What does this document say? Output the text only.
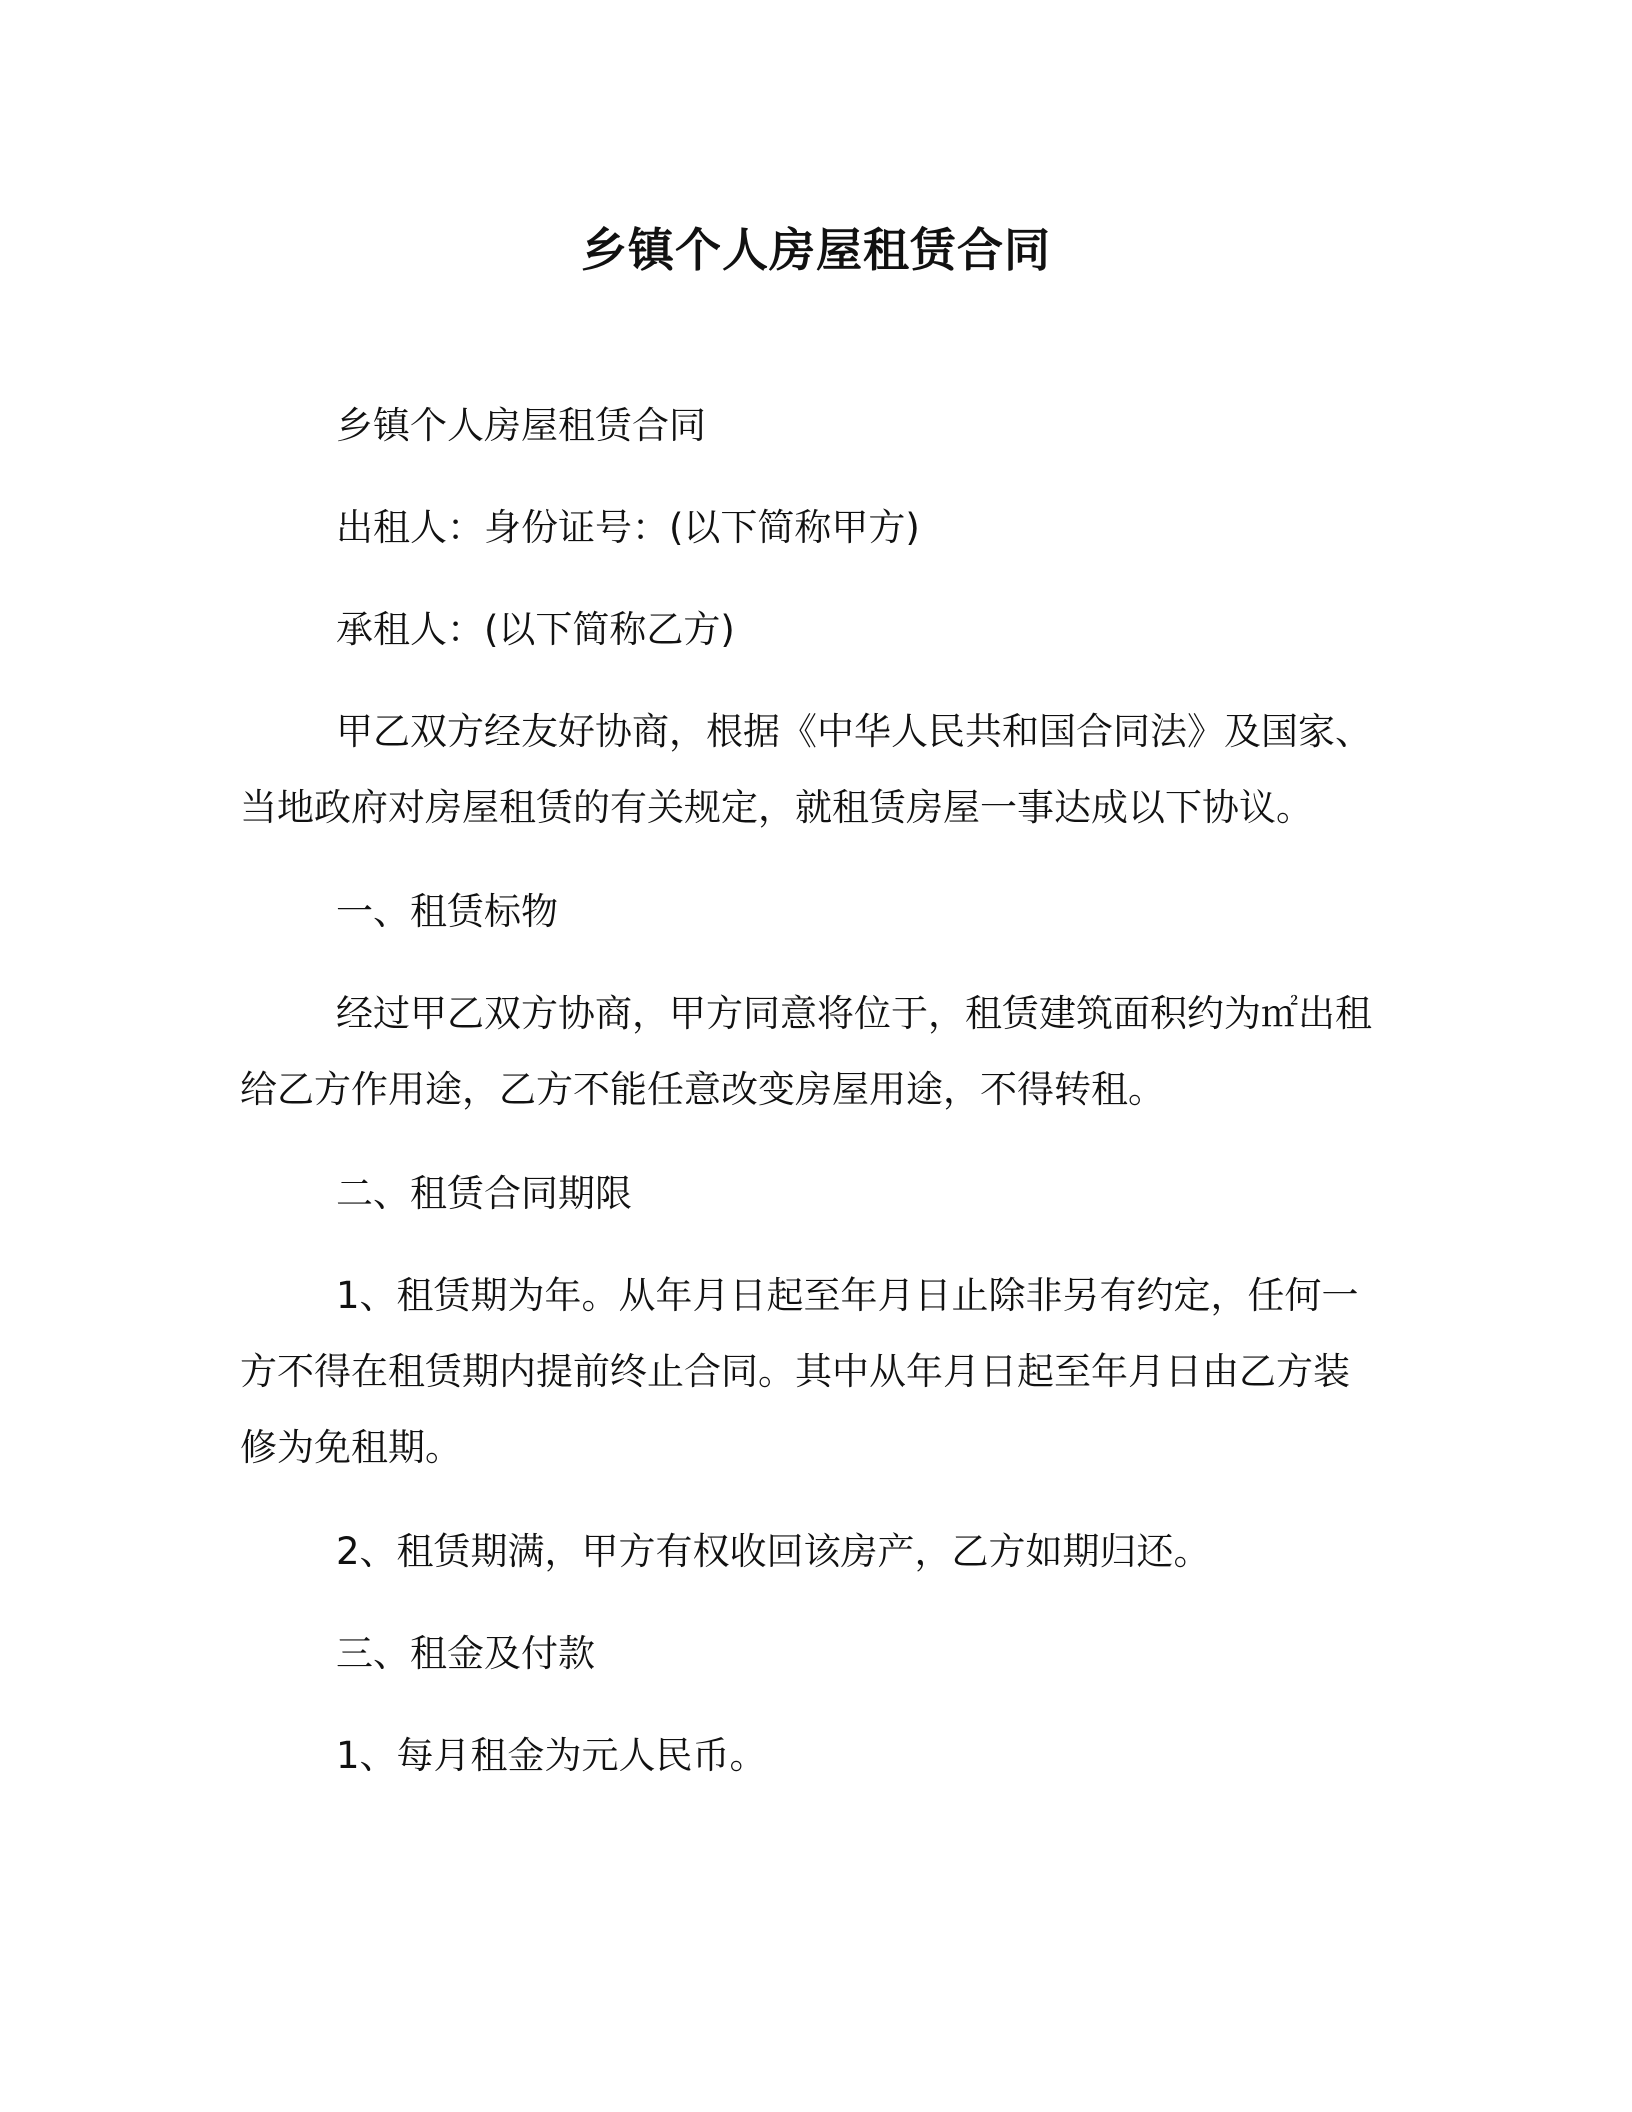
乡镇个人房屋租赁合同

乡镇个人房屋租赁合同

出租人：身份证号：(以下简称甲方)

承租人：(以下简称乙方)

甲乙双方经友好协商，根据《中华人民共和国合同法》及国家、
当地政府对房屋租赁的有关规定，就租赁房屋一事达成以下协议。

一、租赁标物

经过甲乙双方协商，甲方同意将位于，租赁建筑面积约为㎡出租
给乙方作用途，乙方不能任意改变房屋用途，不得转租。

二、租赁合同期限

1、租赁期为年。从年月日起至年月日止除非另有约定，任何一
方不得在租赁期内提前终止合同。其中从年月日起至年月日由乙方装
修为免租期。

2、租赁期满，甲方有权收回该房产，乙方如期归还。

三、租金及付款

1、每月租金为元人民币。
